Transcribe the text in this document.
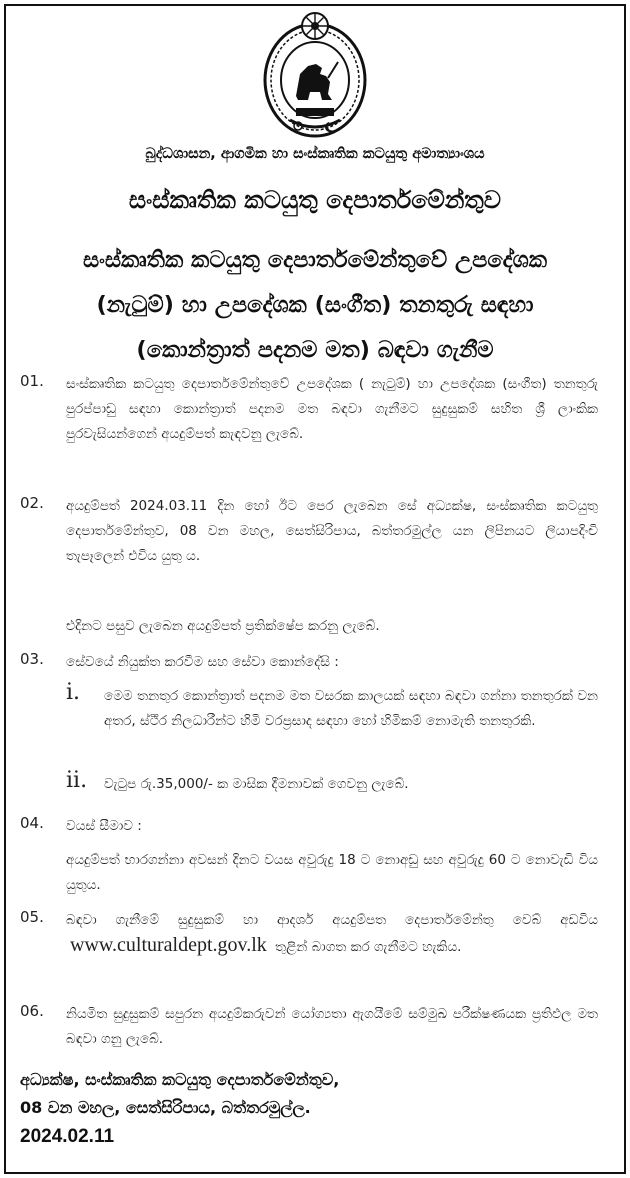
බුද්ධශාසන, ආගමික හා සංස්කෘතික කටයුතු අමාත්‍යාංශය
සංස්කෘතික කටයුතු දෙපාර්තමේන්තුව
සංස්කෘතික කටයුතු දෙපාර්තමේන්තුවේ උපදේශක
(නැටුම්) හා උපදේශක (සංගීත) තනතුරු සඳහා
(කොන්ත්‍රාත් පදනම මත) බඳවා ගැනීම
01. සංස්කෘතික කටයුතු දෙපාර්තමේන්තුවේ උපදේශක ( නැටුම්) හා උපදේශක (සංගීත) තනතුරු පුරප්පාඩු සඳහා කොන්ත්‍රාත් පදනම මත බඳවා ගැනීමට සුදුසුකම් සහිත ශ්‍රී ලාංකික පුරවැසියන්ගෙන් අයදුම්පත් කැඳවනු ලැබේ.
02. අයදුම්පත් 2024.03.11 දින හෝ ඊට පෙර ලැබෙන සේ අධ්‍යක්ෂ, සංස්කෘතික කටයුතු දෙපාර්තමේන්තුව, 08 වන මහල, සෙත්සිරිපාය, බත්තරමුල්ල යන ලිපිනයට ලියාපදිංචි තැපෑලෙන් එවිය යුතු ය.
එදිනට පසුව ලැබෙන අයදුම්පත් ප්‍රතික්ෂේප කරනු ලැබේ.
03. සේවයේ නියුක්ත කරවීම සහ සේවා කොන්දේසි :
i. මෙම තනතුර කොන්ත්‍රාත් පදනම මත වසරක කාලයක් සඳහා බඳවා ගන්නා තනතුරක් වන අතර, ස්ථිර නිලධාරීන්ට හිමි වරප්‍රසාද සඳහා හෝ හිමිකම් නොමැති තනතුරකි.
ii. වැටුප රු.35,000/- ක මාසික දීමනාවක් ගෙවනු ලැබේ.
04. වයස් සීමාව :
අයදුම්පත් භාරගන්නා අවසන් දිනට වයස අවුරුදු 18 ට නොඅඩු සහ අවුරුදු 60 ට නොවැඩි විය යුතුය.
05. බඳවා ගැනීමේ සුදුසුකම් හා ආදර්ශ අයදුම්පත දෙපාර්තමේන්තු වෙබ් අඩවිය www.culturaldept.gov.lk තුළින් බාගත කර ගැනීමට හැකිය.
06. නියමිත සුදුසුකම් සපුරන අයදුම්කරුවන් යෝග්‍යතා ඇගයීමේ සම්මුඛ පරීක්ෂණයක ප්‍රතිඵල මත බඳවා ගනු ලැබේ.
අධ්‍යක්ෂ, සංස්කෘතික කටයුතු දෙපාර්තමේන්තුව,
08 වන මහල, සෙත්සිරිපාය, බත්තරමුල්ල.
2024.02.11
